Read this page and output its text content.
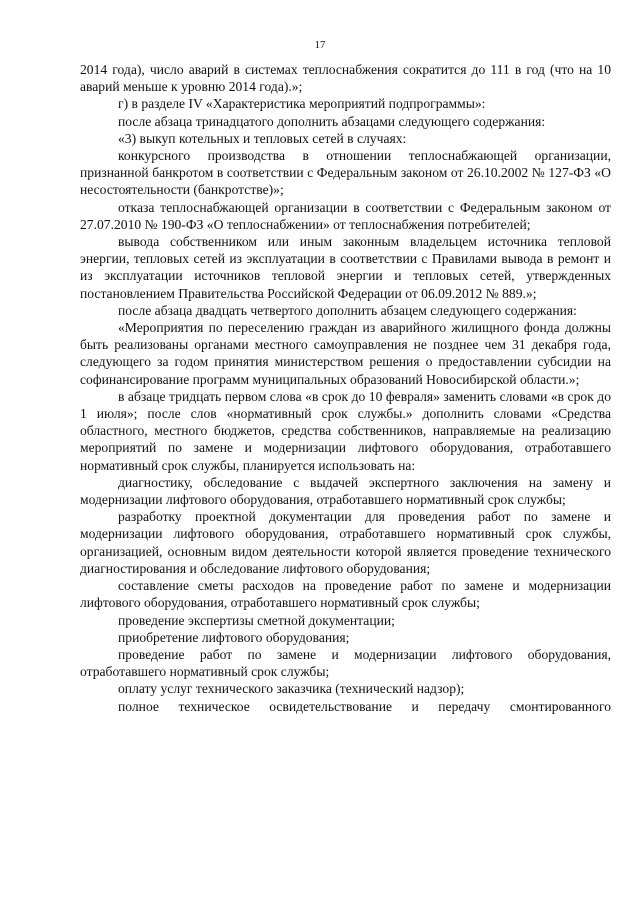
17

2014 года), число аварий в системах теплоснабжения сократится до 111 в год (что на 10 аварий меньше к уровню 2014 года).»;

г) в разделе IV «Характеристика мероприятий подпрограммы»:

после абзаца тринадцатого дополнить абзацами следующего содержания:

«3) выкуп котельных и тепловых сетей в случаях:

конкурсного производства в отношении теплоснабжающей организации, признанной банкротом в соответствии с Федеральным законом от 26.10.2002 № 127-ФЗ «О несостоятельности (банкротстве)»;

отказа теплоснабжающей организации в соответствии с Федеральным законом от 27.07.2010 № 190-ФЗ «О теплоснабжении» от теплоснабжения потребителей;

вывода собственником или иным законным владельцем источника тепловой энергии, тепловых сетей из эксплуатации в соответствии с Правилами вывода в ремонт и из эксплуатации источников тепловой энергии и тепловых сетей, утвержденных постановлением Правительства Российской Федерации от 06.09.2012 № 889.»;

после абзаца двадцать четвертого дополнить абзацем следующего содержания:

«Мероприятия по переселению граждан из аварийного жилищного фонда должны быть реализованы органами местного самоуправления не позднее чем 31 декабря года, следующего за годом принятия министерством решения о предоставлении субсидии на софинансирование программ муниципальных образований Новосибирской области.»;

в абзаце тридцать первом слова «в срок до 10 февраля» заменить словами «в срок до 1 июля»; после слов «нормативный срок службы.» дополнить словами «Средства областного, местного бюджетов, средства собственников, направляемые на реализацию мероприятий по замене и модернизации лифтового оборудования, отработавшего нормативный срок службы, планируется использовать на:

диагностику, обследование с выдачей экспертного заключения на замену и модернизации лифтового оборудования, отработавшего нормативный срок службы;

разработку проектной документации для проведения работ по замене и модернизации лифтового оборудования, отработавшего нормативный срок службы, организацией, основным видом деятельности которой является проведение технического диагностирования и обследование лифтового оборудования;

составление сметы расходов на проведение работ по замене и модернизации лифтового оборудования, отработавшего нормативный срок службы;

проведение экспертизы сметной документации;

приобретение лифтового оборудования;

проведение работ по замене и модернизации лифтового оборудования, отработавшего нормативный срок службы;

оплату услуг технического заказчика (технический надзор);

полное техническое освидетельствование и передачу смонтированного
